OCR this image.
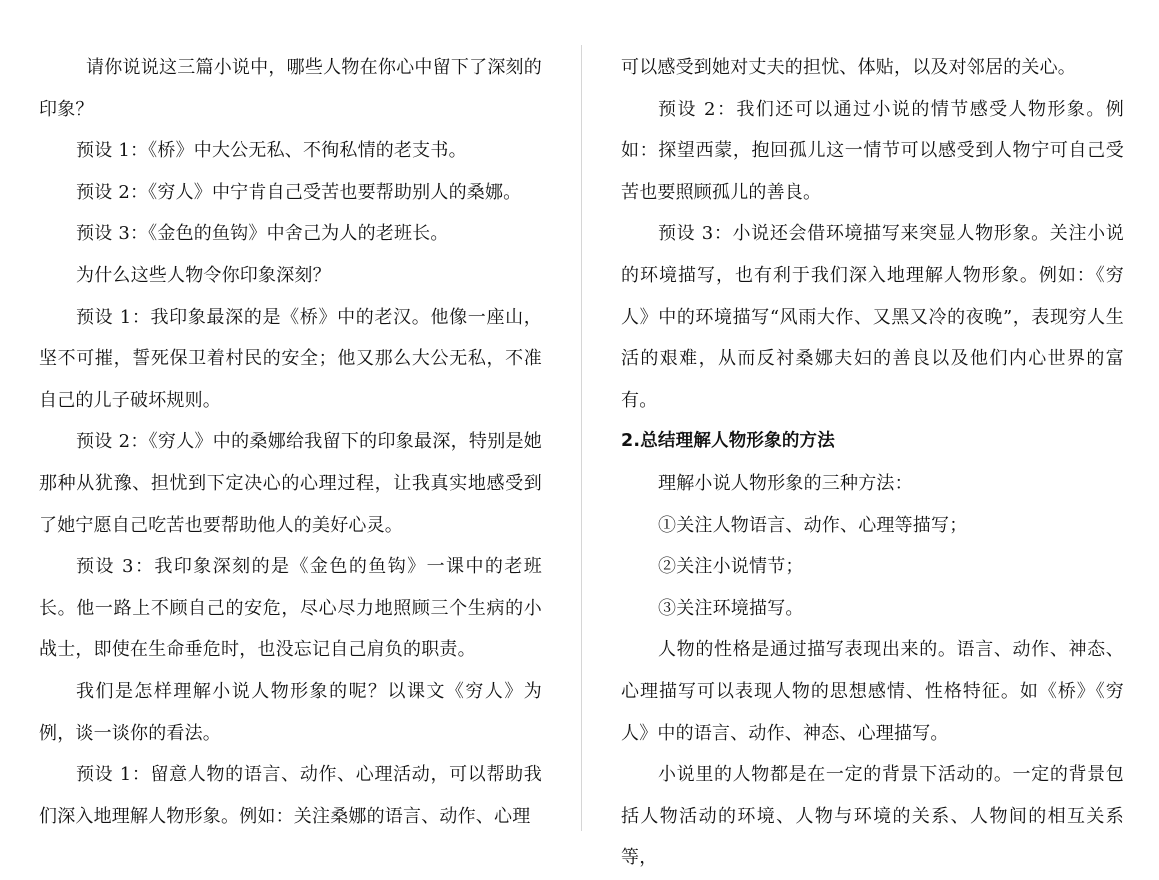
请你说说这三篇小说中，哪些人物在你心中留下了深刻的印象？

预设 1：《桥》中大公无私、不徇私情的老支书。

预设 2：《穷人》中宁肯自己受苦也要帮助别人的桑娜。

预设 3：《金色的鱼钩》中舍己为人的老班长。

为什么这些人物令你印象深刻？

预设 1：我印象最深的是《桥》中的老汉。他像一座山，坚不可摧，誓死保卫着村民的安全；他又那么大公无私，不准自己的儿子破坏规则。

预设 2：《穷人》中的桑娜给我留下的印象最深，特别是她那种从犹豫、担忧到下定决心的心理过程，让我真实地感受到了她宁愿自己吃苦也要帮助他人的美好心灵。

预设 3：我印象深刻的是《金色的鱼钩》一课中的老班长。他一路上不顾自己的安危，尽心尽力地照顾三个生病的小战士，即使在生命垂危时，也没忘记自己肩负的职责。

我们是怎样理解小说人物形象的呢？以课文《穷人》为例，谈一谈你的看法。

预设 1：留意人物的语言、动作、心理活动，可以帮助我们深入地理解人物形象。例如：关注桑娜的语言、动作、心理

可以感受到她对丈夫的担忧、体贴，以及对邻居的关心。

预设 2：我们还可以通过小说的情节感受人物形象。例如：探望西蒙，抱回孤儿这一情节可以感受到人物宁可自己受苦也要照顾孤儿的善良。

预设 3：小说还会借环境描写来突显人物形象。关注小说的环境描写，也有利于我们深入地理解人物形象。例如：《穷人》中的环境描写“风雨大作、又黑又冷的夜晚”，表现穷人生活的艰难，从而反衬桑娜夫妇的善良以及他们内心世界的富有。

2.总结理解人物形象的方法

理解小说人物形象的三种方法：

①关注人物语言、动作、心理等描写；

②关注小说情节；

③关注环境描写。

人物的性格是通过描写表现出来的。语言、动作、神态、心理描写可以表现人物的思想感情、性格特征。如《桥》《穷人》中的语言、动作、神态、心理描写。

小说里的人物都是在一定的背景下活动的。一定的背景包括人物活动的环境、人物与环境的关系、人物间的相互关系等，
